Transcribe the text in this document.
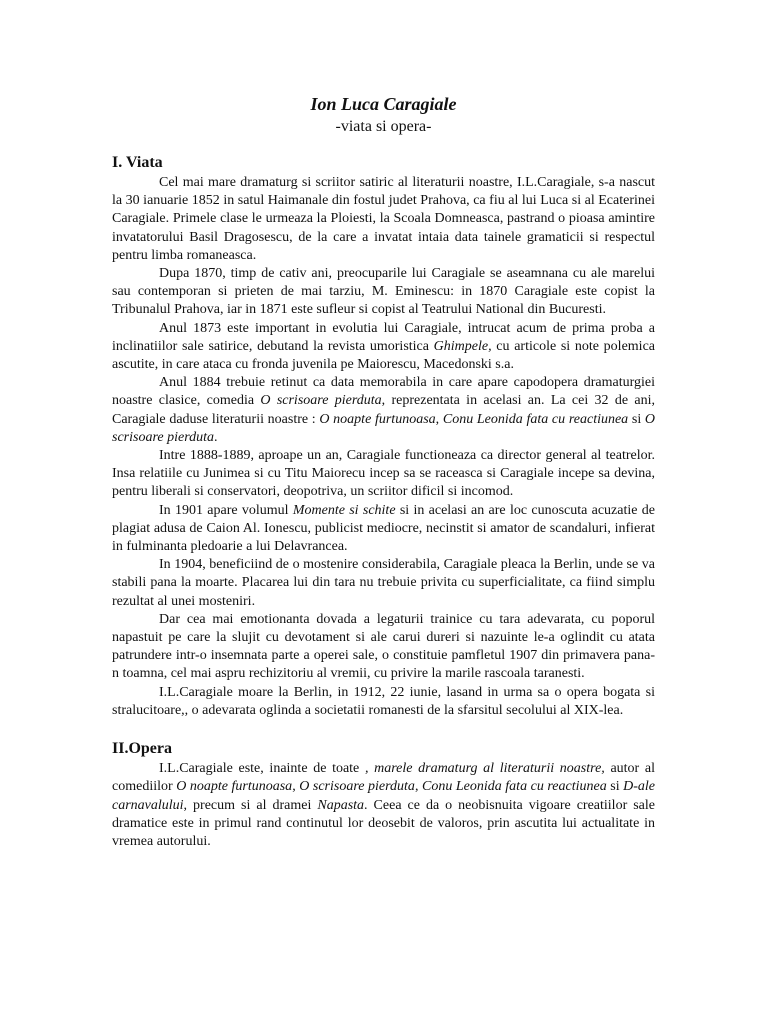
Ion Luca Caragiale
-viata si opera-
I. Viata

Cel mai mare dramaturg si scriitor satiric al literaturii noastre, I.L.Caragiale, s-a nascut la 30 ianuarie 1852 in satul Haimanale din fostul judet Prahova, ca fiu al lui Luca si al Ecaterinei Caragiale. Primele clase le urmeaza la Ploiesti, la Scoala Domneasca, pastrand o pioasa amintire invatatorului Basil Dragosescu, de la care a invatat intaia data tainele gramaticii si respectul pentru limba romaneasca.

Dupa 1870, timp de cativ ani, preocuparile lui Caragiale se aseamnana cu ale marelui sau contemporan si prieten de mai tarziu, M. Eminescu: in 1870 Caragiale este copist la Tribunalul Prahova, iar in 1871 este sufleur si copist al Teatrului National din Bucuresti.

Anul 1873 este important in evolutia lui Caragiale, intrucat acum de prima proba a inclinatiilor sale satirice, debutand la revista umoristica Ghimpele, cu articole si note polemica ascutite, in care ataca cu fronda juvenila pe Maiorescu, Macedonski s.a.

Anul 1884 trebuie retinut ca data memorabila in care apare capodopera dramaturgiei noastre clasice, comedia O scrisoare pierduta, reprezentata in acelasi an. La cei 32 de ani, Caragiale daduse literaturii noastre : O noapte furtunoasa, Conu Leonida fata cu reactiunea si O scrisoare pierduta.

Intre 1888-1889, aproape un an, Caragiale functioneaza ca director general al teatrelor. Insa relatiile cu Junimea si cu Titu Maiorecu incep sa se raceasca si Caragiale incepe sa devina, pentru liberali si conservatori, deopotriva, un scriitor dificil si incomod.

In 1901 apare volumul Momente si schite si in acelasi an are loc cunoscuta acuzatie de plagiat adusa de Caion Al. Ionescu, publicist mediocre, necinstit si amator de scandaluri, infierat in fulminanta pledoarie a lui Delavrancea.

In 1904, beneficiind de o mostenire considerabila, Caragiale pleaca la Berlin, unde se va stabili pana la moarte. Placarea lui din tara nu trebuie privita cu superficialitate, ca fiind simplu rezultat al unei mosteniri.

Dar cea mai emotionanta dovada a legaturii trainice cu tara adevarata, cu poporul napastuit pe care la slujit cu devotament si ale carui dureri si nazuinte le-a oglindit cu atata patrundere intr-o insemnata parte a operei sale, o constituie pamfletul 1907 din primavera pana-n toamna, cel mai aspru rechizitoriu al vremii, cu privire la marile rascoala taranesti.

I.L.Caragiale moare la Berlin, in 1912, 22 iunie, lasand in urma sa o opera bogata si stralucitoare,, o adevarata oglinda a societatii romanesti de la sfarsitul secolului al XIX-lea.

II.Opera

I.L.Caragiale este, inainte de toate , marele dramaturg al literaturii noastre, autor al comediilor O noapte furtunoasa, O scrisoare pierduta, Conu Leonida fata cu reactiunea si D-ale carnavalului, precum si al dramei Napasta. Ceea ce da o neobisnuita vigoare creatiilor sale dramatice este in primul rand continutul lor deosebit de valoros, prin ascutita lui actualitate in vremea autorului.
